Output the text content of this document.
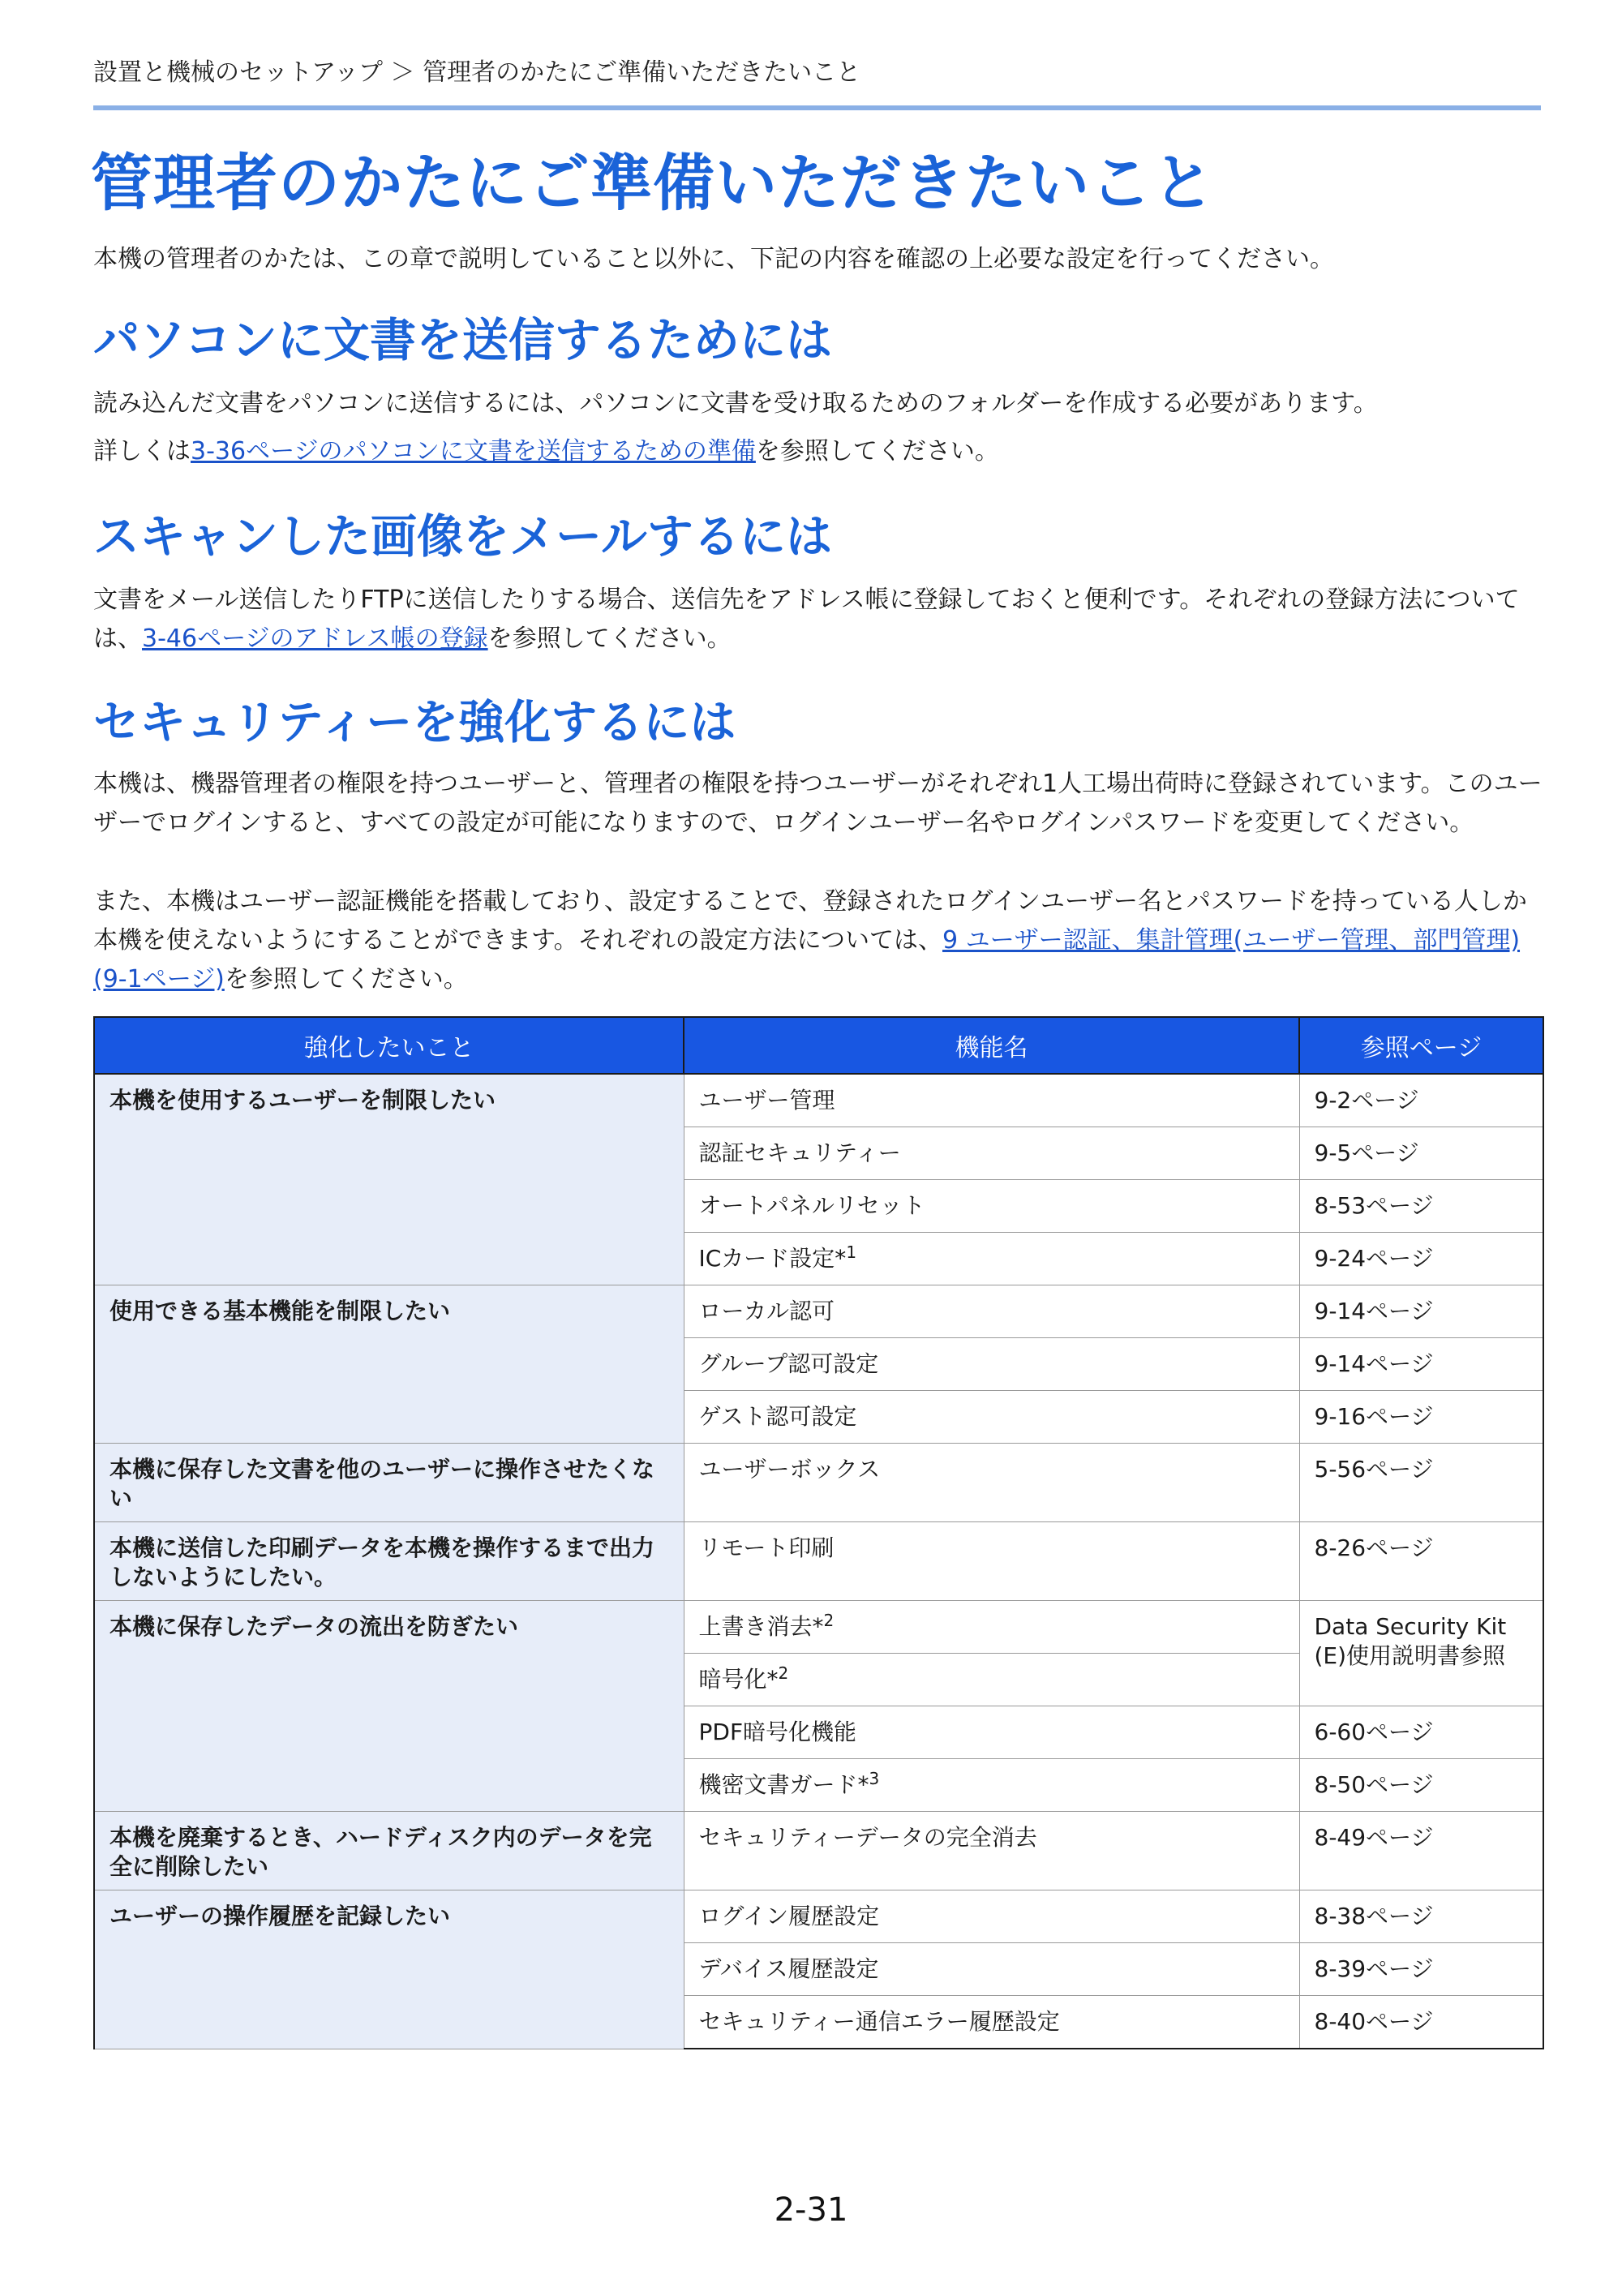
設置と機械のセットアップ ＞ 管理者のかたにご準備いただきたいこと
管理者のかたにご準備いただきたいこと

本機の管理者のかたは、この章で説明していること以外に、下記の内容を確認の上必要な設定を行ってください。

パソコンに文書を送信するためには

読み込んだ文書をパソコンに送信するには、パソコンに文書を受け取るためのフォルダーを作成する必要があります。

詳しくは3-36ページのパソコンに文書を送信するための準備を参照してください。

スキャンした画像をメールするには

文書をメール送信したりFTPに送信したりする場合、送信先をアドレス帳に登録しておくと便利です。それぞれの登録方法については、3-46ページのアドレス帳の登録を参照してください。

セキュリティーを強化するには

本機は、機器管理者の権限を持つユーザーと、管理者の権限を持つユーザーがそれぞれ1人工場出荷時に登録されています。このユーザーでログインすると、すべての設定が可能になりますので、ログインユーザー名やログインパスワードを変更してください。

また、本機はユーザー認証機能を搭載しており、設定することで、登録されたログインユーザー名とパスワードを持っている人しか本機を使えないようにすることができます。それぞれの設定方法については、9 ユーザー認証、集計管理(ユーザー管理、部門管理) (9-1ページ)を参照してください。

強化したいこと	機能名	参照ページ
本機を使用するユーザーを制限したい	ユーザー管理	9-2ページ
	認証セキュリティー	9-5ページ
	オートパネルリセット	8-53ページ
	ICカード設定*$^1$	9-24ページ
使用できる基本機能を制限したい	ローカル認可	9-14ページ
	グループ認可設定	9-14ページ
	ゲスト認可設定	9-16ページ
本機に保存した文書を他のユーザーに操作させたくない	ユーザーボックス	5-56ページ
本機に送信した印刷データを本機を操作するまで出力しないようにしたい。	リモート印刷	8-26ページ
本機に保存したデータの流出を防ぎたい	上書き消去*$^2$	Data Security Kit (E)使用説明書参照
	暗号化*$^2$
	PDF暗号化機能	6-60ページ
	機密文書ガード*$^3$	8-50ページ
本機を廃棄するとき、ハードディスク内のデータを完全に削除したい	セキュリティーデータの完全消去	8-49ページ
ユーザーの操作履歴を記録したい	ログイン履歴設定	8-38ページ
	デバイス履歴設定	8-39ページ
	セキュリティー通信エラー履歴設定	8-40ページ
2-31
